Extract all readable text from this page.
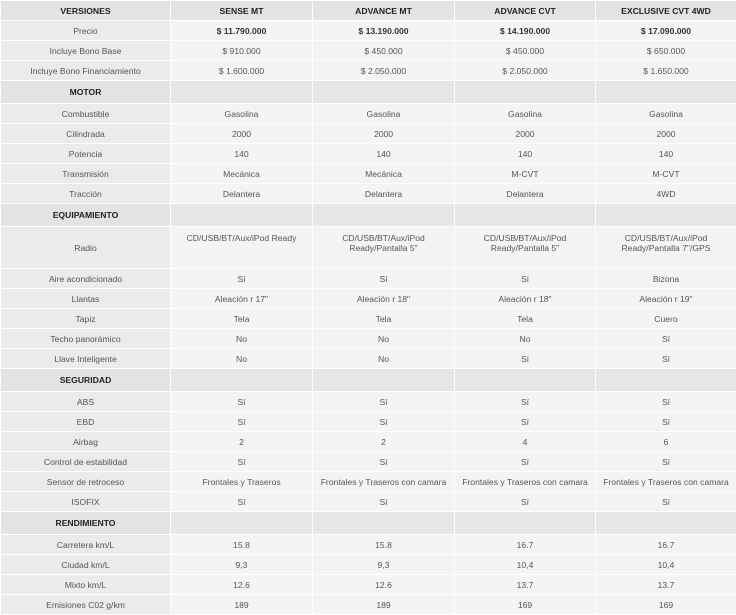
VERSIONES	SENSE MT	ADVANCE MT	ADVANCE CVT	EXCLUSIVE CVT 4WD
Precio	$ 11.790.000	$ 13.190.000	$ 14.190.000	$ 17.090.000
Incluye Bono Base	$ 910.000	$ 450.000	$ 450.000	$ 650.000
Incluye Bono Financiamiento	$ 1.600.000	$ 2.050.000	$ 2.050.000	$ 1.650.000
MOTOR				
Combustible	Gasolina	Gasolina	Gasolina	Gasolina
Cilindrada	2000	2000	2000	2000
Potencia	140	140	140	140
Transmisión	Mecánica	Mecánica	M-CVT	M-CVT
Tracción	Delantera	Delantera	Delantera	4WD
EQUIPAMIENTO				
Radio	CD/USB/BT/Aux/iPod Ready	CD/USB/BT/Aux/iPod Ready/Pantalla 5"	CD/USB/BT/Aux/iPod Ready/Pantalla 5"	CD/USB/BT/Aux/iPod Ready/Pantalla 7"/GPS
Aire acondicionado	Sí	Sí	Sí	Bizona
Llantas	Aleación r 17"	Aleación r 18"	Aleación r 18"	Aleación r 19"
Tapiz	Tela	Tela	Tela	Cuero
Techo panorámico	No	No	No	Sí
Llave Inteligente	No	No	Sí	Sí
SEGURIDAD				
ABS	Sí	Sí	Sí	Sí
EBD	Sí	Sí	Sí	Sí
Airbag	2	2	4	6
Control de estabilidad	Sí	Sí	Sí	Sí
Sensor de retroceso	Frontales y Traseros	Frontales y Traseros con camara	Frontales y Traseros con camara	Frontales y Traseros con camara
ISOFIX	Sí	Sí	Sí	Sí
RENDIMIENTO				
Carretera km/L	15.8	15.8	16.7	16.7
Ciudad km/L	9,3	9,3	10,4	10,4
Mixto km/L	12.6	12.6	13.7	13.7
Emisiones C02 g/km	189	189	169	169
